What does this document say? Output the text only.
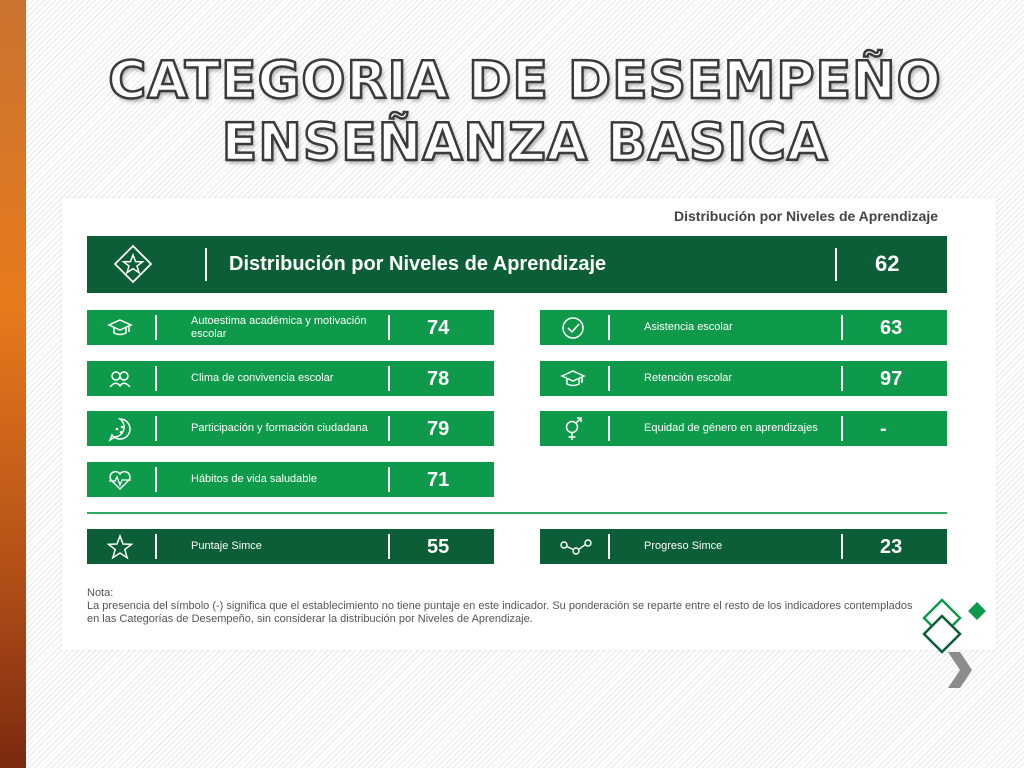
CATEGORIA DE DESEMPEÑO
ENSEÑANZA BASICA
Distribución por Niveles de Aprendizaje
Distribución por Niveles de Aprendizaje	62
Autoestima académica y motivación escolar	74
Clima de convivencia escolar	78
Participación y formación ciudadana	79
Hábitos de vida saludable	71
Asistencia escolar	63
Retención escolar	97
Equidad de género en aprendizajes	-
Puntaje Simce	55	Progreso Simce	23
Nota:
La presencia del símbolo (-) significa que el establecimiento no tiene puntaje en este indicador. Su ponderación se reparte entre el resto de los indicadores contemplados en las Categorías de Desempeño, sin considerar la distribución por Niveles de Aprendizaje.
